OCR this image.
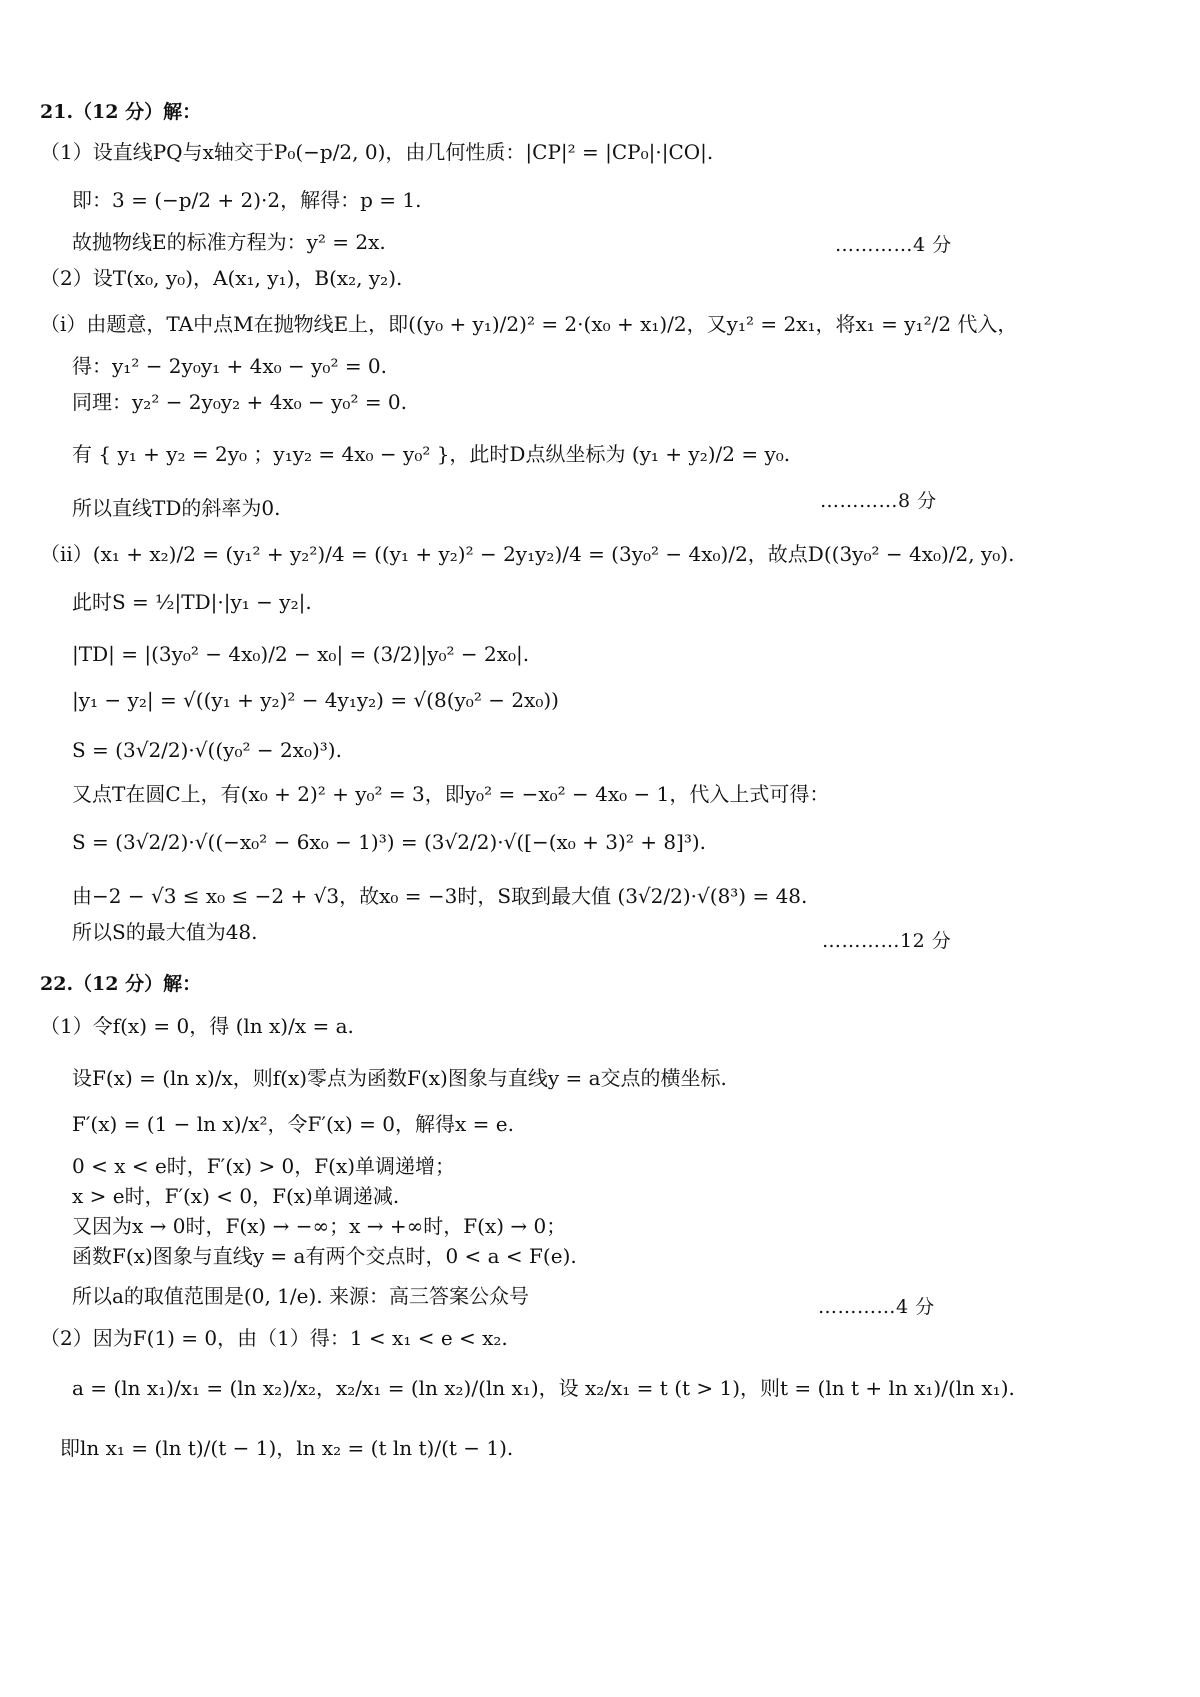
21.（12 分）解：
（1）设直线PQ与x轴交于P₀(−p/2, 0)，由几何性质：|CP|² = |CP₀|·|CO|.
即：3 = (−p/2 + 2)·2，解得：p = 1.
故抛物线E的标准方程为：y² = 2x.	…………4 分
（2）设T(x₀, y₀)，A(x₁, y₁)，B(x₂, y₂).
（i）由题意，TA中点M在抛物线E上，即((y₀ + y₁)/2)² = 2·(x₀ + x₁)/2，又y₁² = 2x₁，将x₁ = y₁²/2 代入，
得：y₁² − 2y₀y₁ + 4x₀ − y₀² = 0.
同理：y₂² − 2y₀y₂ + 4x₀ − y₀² = 0.
有 { y₁ + y₂ = 2y₀ ；y₁y₂ = 4x₀ − y₀² }，此时D点纵坐标为 (y₁ + y₂)/2 = y₀.
所以直线TD的斜率为0.	…………8 分
（ii）(x₁ + x₂)/2 = (y₁² + y₂²)/4 = ((y₁ + y₂)² − 2y₁y₂)/4 = (3y₀² − 4x₀)/2，故点D((3y₀² − 4x₀)/2, y₀).
此时S = ½|TD|·|y₁ − y₂|.
|TD| = |(3y₀² − 4x₀)/2 − x₀| = (3/2)|y₀² − 2x₀|.
|y₁ − y₂| = √((y₁ + y₂)² − 4y₁y₂) = √(8(y₀² − 2x₀))
S = (3√2/2)·√((y₀² − 2x₀)³).
又点T在圆C上，有(x₀ + 2)² + y₀² = 3，即y₀² = −x₀² − 4x₀ − 1，代入上式可得：
S = (3√2/2)·√((−x₀² − 6x₀ − 1)³) = (3√2/2)·√([−(x₀ + 3)² + 8]³).
由−2 − √3 ≤ x₀ ≤ −2 + √3，故x₀ = −3时，S取到最大值 (3√2/2)·√(8³) = 48.
所以S的最大值为48.	…………12 分
22.（12 分）解：
（1）令f(x) = 0，得 (ln x)/x = a.
设F(x) = (ln x)/x，则f(x)零点为函数F(x)图象与直线y = a交点的横坐标.
F′(x) = (1 − ln x)/x²，令F′(x) = 0，解得x = e.
0 < x < e时，F′(x) > 0，F(x)单调递增；
x > e时，F′(x) < 0，F(x)单调递减.
又因为x → 0时，F(x) → −∞；x → +∞时，F(x) → 0；
函数F(x)图象与直线y = a有两个交点时，0 < a < F(e).
所以a的取值范围是(0, 1/e). 来源：高三答案公众号	…………4 分
（2）因为F(1) = 0，由（1）得：1 < x₁ < e < x₂.
a = (ln x₁)/x₁ = (ln x₂)/x₂，x₂/x₁ = (ln x₂)/(ln x₁)，设 x₂/x₁ = t (t > 1)，则t = (ln t + ln x₁)/(ln x₁).
即ln x₁ = (ln t)/(t − 1)，ln x₂ = (t ln t)/(t − 1).
